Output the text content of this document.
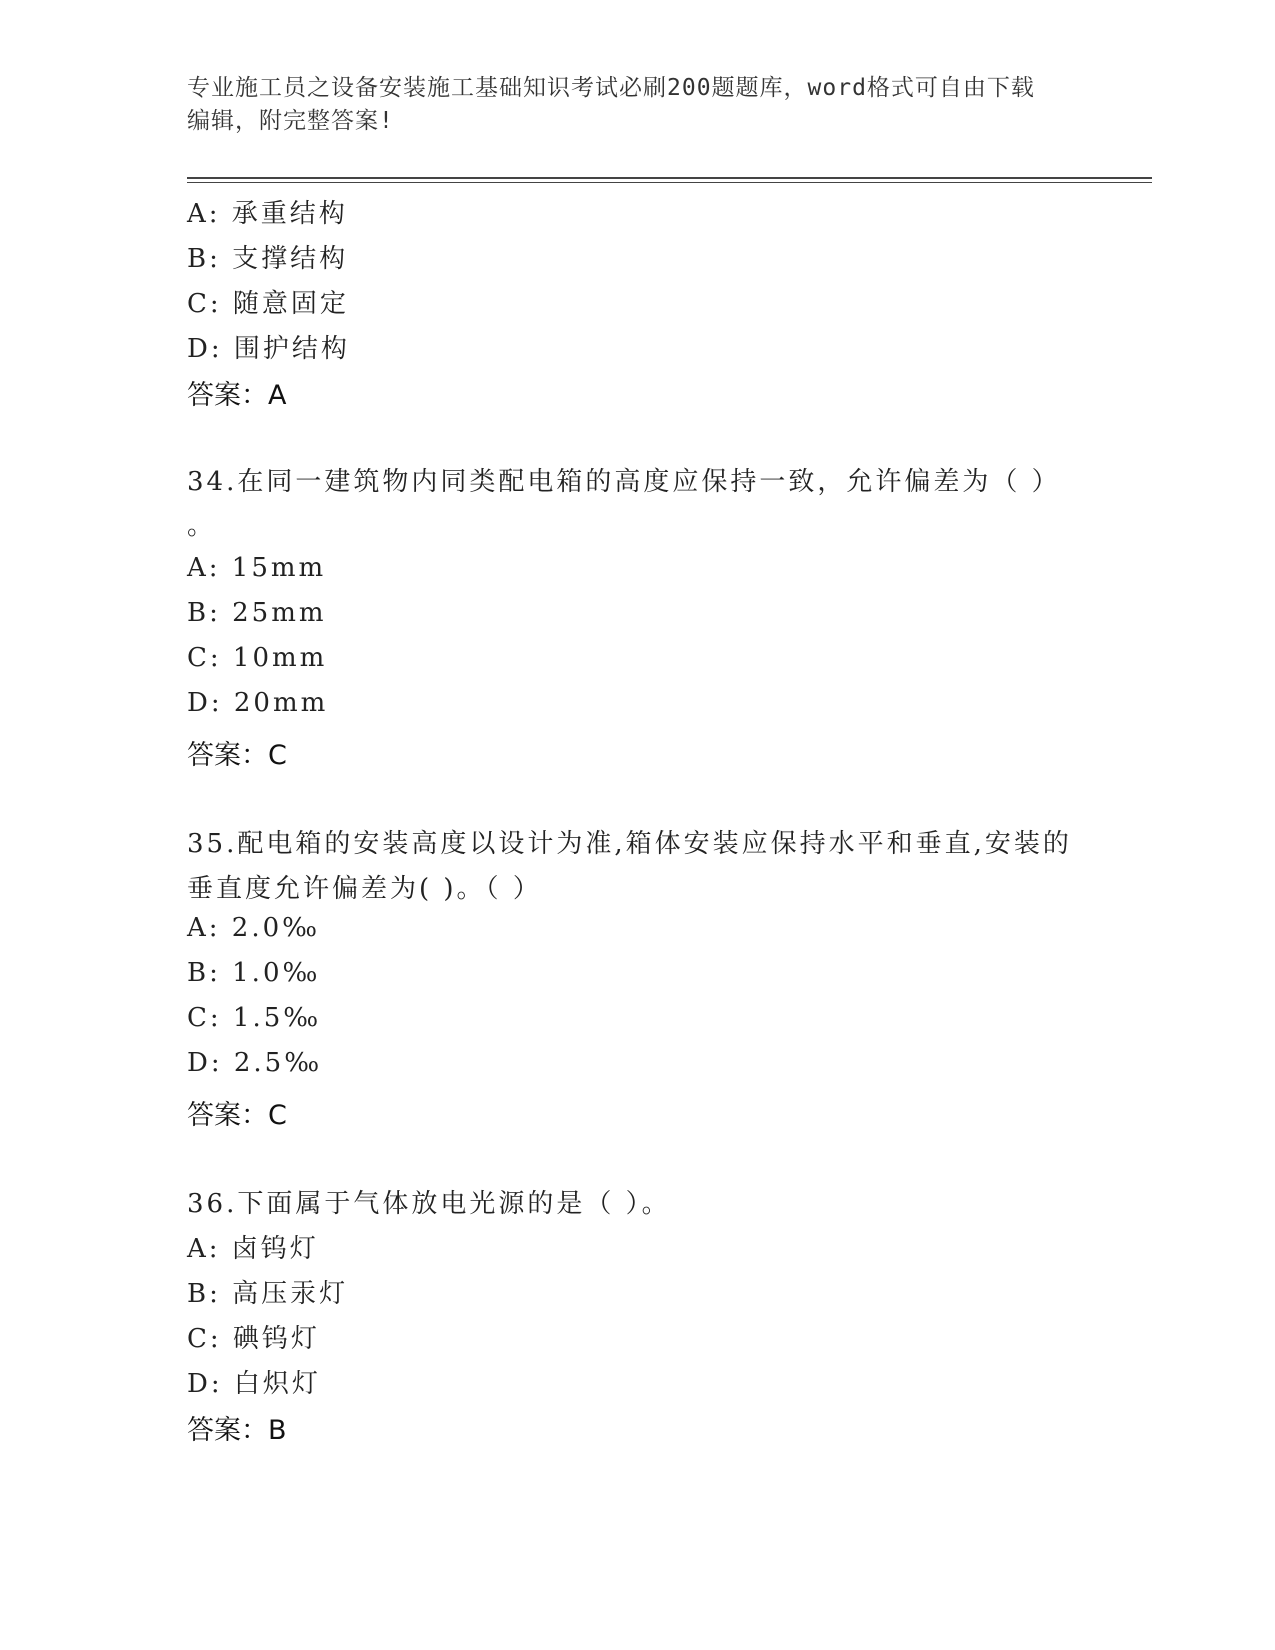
专业施工员之设备安装施工基础知识考试必刷200题题库，word格式可自由下载
编辑，附完整答案!
A: 承重结构
B: 支撑结构
C: 随意固定
D: 围护结构
答案：A
34.在同一建筑物内同类配电箱的高度应保持一致，允许偏差为（ ）
。
A: 15mm
B: 25mm
C: 10mm
D: 20mm
答案：C
35.配电箱的安装高度以设计为准,箱体安装应保持水平和垂直,安装的
垂直度允许偏差为( )。（ ）
A: 2.0‰
B: 1.0‰
C: 1.5‰
D: 2.5‰
答案：C
36.下面属于气体放电光源的是（ ）。
A: 卤钨灯
B: 高压汞灯
C: 碘钨灯
D: 白炽灯
答案：B
